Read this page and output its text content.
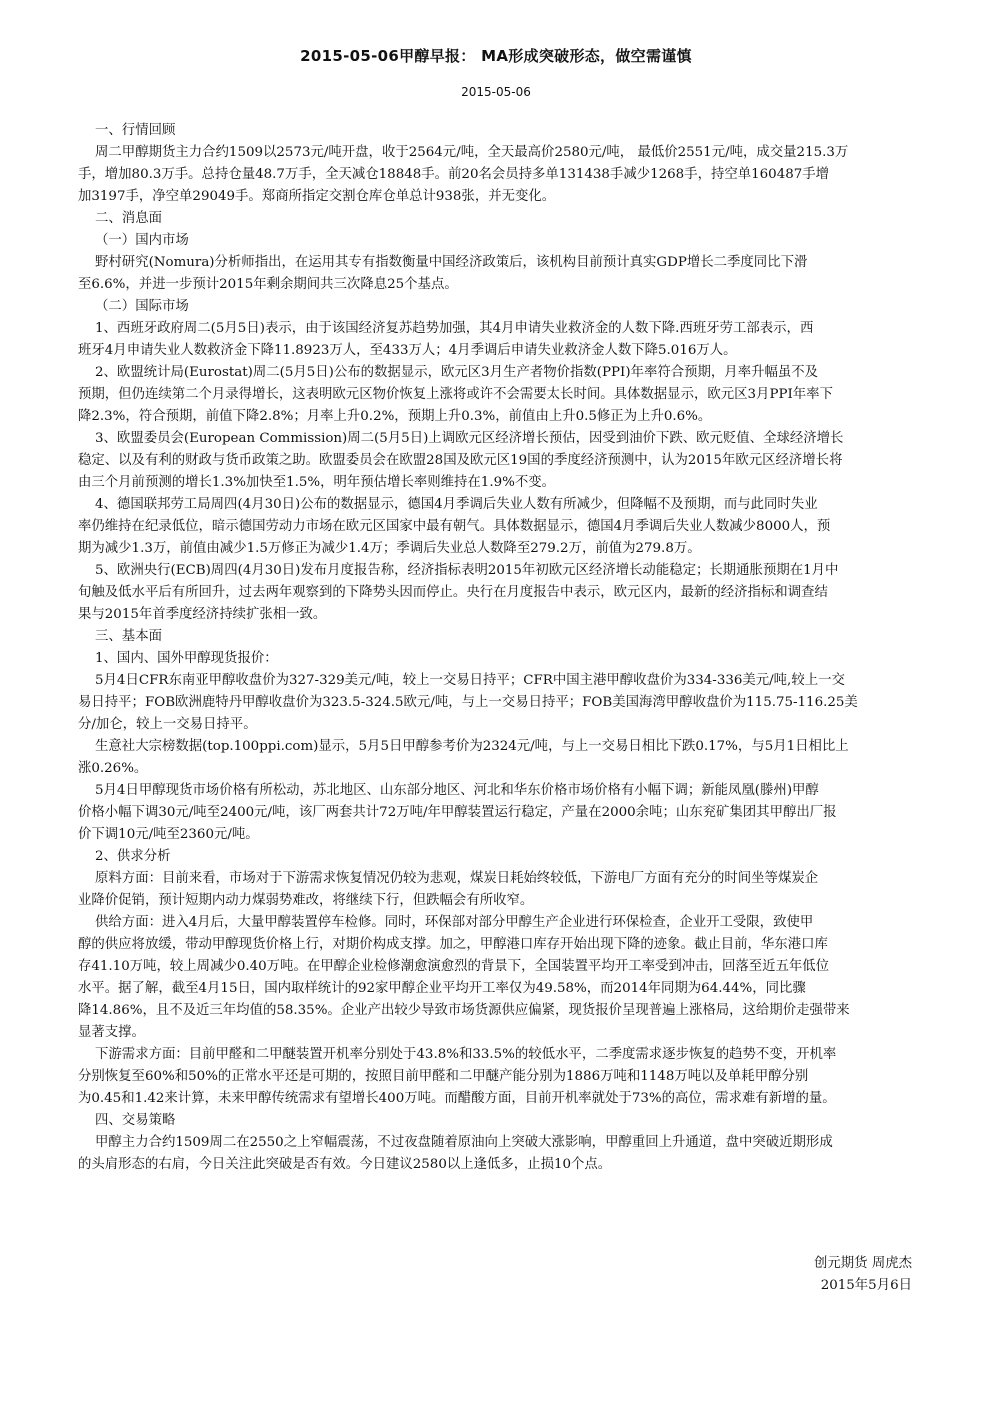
2015-05-06甲醇早报： MA形成突破形态，做空需谨慎
2015-05-06

一、行情回顾

周二甲醇期货主力合约1509以2573元/吨开盘，收于2564元/吨，全天最高价2580元/吨， 最低价2551元/吨，成交量215.3万

手，增加80.3万手。总持仓量48.7万手，全天减仓18848手。前20名会员持多单131438手减少1268手，持空单160487手增

加3197手，净空单29049手。郑商所指定交割仓库仓单总计938张，并无变化。

二、消息面

（一）国内市场

野村研究(Nomura)分析师指出，在运用其专有指数衡量中国经济政策后，该机构目前预计真实GDP增长二季度同比下滑

至6.6%，并进一步预计2015年剩余期间共三次降息25个基点。

（二）国际市场

1、西班牙政府周二(5月5日)表示，由于该国经济复苏趋势加强，其4月申请失业救济金的人数下降.西班牙劳工部表示，西

班牙4月申请失业人数救济金下降11.8923万人，至433万人；4月季调后申请失业救济金人数下降5.016万人。

2、欧盟统计局(Eurostat)周二(5月5日)公布的数据显示，欧元区3月生产者物价指数(PPI)年率符合预期，月率升幅虽不及

预期，但仍连续第二个月录得增长，这表明欧元区物价恢复上涨将或许不会需要太长时间。具体数据显示，欧元区3月PPI年率下

降2.3%，符合预期，前值下降2.8%；月率上升0.2%，预期上升0.3%，前值由上升0.5修正为上升0.6%。

3、欧盟委员会(European Commission)周二(5月5日)上调欧元区经济增长预估，因受到油价下跌、欧元贬值、全球经济增长

稳定、以及有利的财政与货币政策之助。欧盟委员会在欧盟28国及欧元区19国的季度经济预测中，认为2015年欧元区经济增长将

由三个月前预测的增长1.3%加快至1.5%，明年预估增长率则维持在1.9%不变。

4、德国联邦劳工局周四(4月30日)公布的数据显示，德国4月季调后失业人数有所减少，但降幅不及预期，而与此同时失业

率仍维持在纪录低位，暗示德国劳动力市场在欧元区国家中最有朝气。具体数据显示，德国4月季调后失业人数减少8000人，预

期为减少1.3万，前值由减少1.5万修正为减少1.4万；季调后失业总人数降至279.2万，前值为279.8万。

5、欧洲央行(ECB)周四(4月30日)发布月度报告称，经济指标表明2015年初欧元区经济增长动能稳定；长期通胀预期在1月中

旬触及低水平后有所回升，过去两年观察到的下降势头因而停止。央行在月度报告中表示，欧元区内，最新的经济指标和调查结

果与2015年首季度经济持续扩张相一致。

三、基本面

1、国内、国外甲醇现货报价：

5月4日CFR东南亚甲醇收盘价为327-329美元/吨，较上一交易日持平；CFR中国主港甲醇收盘价为334-336美元/吨,较上一交

易日持平；FOB欧洲鹿特丹甲醇收盘价为323.5-324.5欧元/吨，与上一交易日持平；FOB美国海湾甲醇收盘价为115.75-116.25美

分/加仑，较上一交易日持平。

生意社大宗榜数据(top.100ppi.com)显示，5月5日甲醇参考价为2324元/吨，与上一交易日相比下跌0.17%，与5月1日相比上

涨0.26%。

5月4日甲醇现货市场价格有所松动，苏北地区、山东部分地区、河北和华东价格市场价格有小幅下调；新能凤凰(滕州)甲醇

价格小幅下调30元/吨至2400元/吨，该厂两套共计72万吨/年甲醇装置运行稳定，产量在2000余吨；山东兖矿集团其甲醇出厂报

价下调10元/吨至2360元/吨。

2、供求分析

原料方面：目前来看，市场对于下游需求恢复情况仍较为悲观，煤炭日耗始终较低，下游电厂方面有充分的时间坐等煤炭企

业降价促销，预计短期内动力煤弱势难改，将继续下行，但跌幅会有所收窄。

供给方面：进入4月后，大量甲醇装置停车检修。同时，环保部对部分甲醇生产企业进行环保检查，企业开工受限，致使甲

醇的供应将放缓，带动甲醇现货价格上行，对期价构成支撑。加之，甲醇港口库存开始出现下降的迹象。截止目前，华东港口库

存41.10万吨，较上周减少0.40万吨。在甲醇企业检修潮愈演愈烈的背景下，全国装置平均开工率受到冲击，回落至近五年低位

水平。据了解，截至4月15日，国内取样统计的92家甲醇企业平均开工率仅为49.58%，而2014年同期为64.44%，同比骤

降14.86%，且不及近三年均值的58.35%。企业产出较少导致市场货源供应偏紧，现货报价呈现普遍上涨格局，这给期价走强带来

显著支撑。

下游需求方面：目前甲醛和二甲醚装置开机率分别处于43.8%和33.5%的较低水平，二季度需求逐步恢复的趋势不变，开机率

分别恢复至60%和50%的正常水平还是可期的，按照目前甲醛和二甲醚产能分别为1886万吨和1148万吨以及单耗甲醇分别

为0.45和1.42来计算，未来甲醇传统需求有望增长400万吨。而醋酸方面，目前开机率就处于73%的高位，需求难有新增的量。

四、交易策略

甲醇主力合约1509周二在2550之上窄幅震荡，不过夜盘随着原油向上突破大涨影响，甲醇重回上升通道，盘中突破近期形成

的头肩形态的右肩，今日关注此突破是否有效。今日建议2580以上逢低多，止损10个点。

创元期货 周虎杰
2015年5月6日
